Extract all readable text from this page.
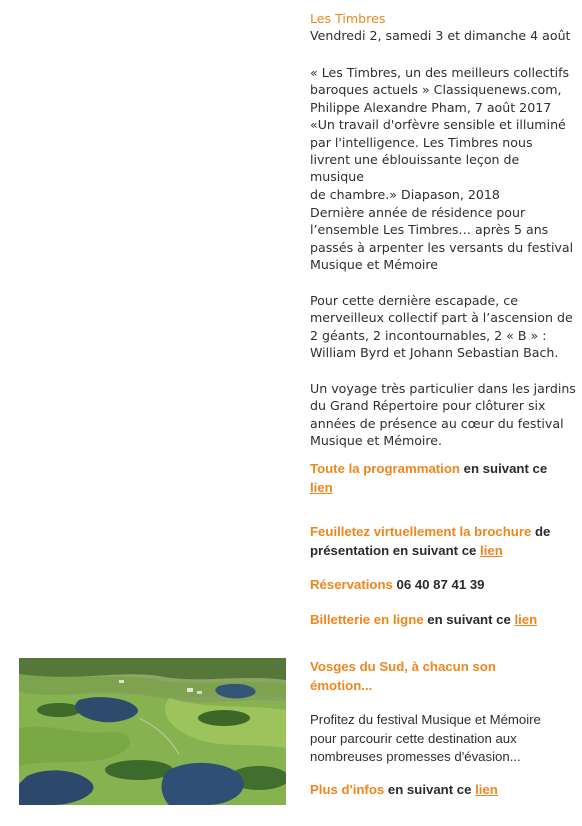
Les Timbres

Vendredi 2, samedi 3 et dimanche 4 août

« Les Timbres, un des meilleurs collectifs

baroques actuels » Classiquenews.com,

Philippe Alexandre Pham, 7 août 2017

«Un travail d'orfèvre sensible et illuminé

par l'intelligence. Les Timbres nous

livrent une éblouissante leçon de musique

de chambre.» Diapason, 2018

Dernière année de résidence pour

l’ensemble Les Timbres… après 5 ans

passés à arpenter les versants du festival

Musique et Mémoire

Pour cette dernière escapade, ce

merveilleux collectif part à l’ascension de

2 géants, 2 incontournables, 2 « B » :

William Byrd et Johann Sebastian Bach.

Un voyage très particulier dans les jardins

du Grand Répertoire pour clôturer six

années de présence au cœur du festival

Musique et Mémoire.

Toute la programmation en suivant ce
lien
Feuilletez virtuellement la brochure de
présentation en suivant ce lien
Réservations 06 40 87 41 39
Billetterie en ligne en suivant ce lien

Vosges du Sud, à chacun son

émotion...

Profitez du festival Musique et Mémoire

pour parcourir cette destination aux

nombreuses promesses d'évasion...

Plus d'infos en suivant ce lien
